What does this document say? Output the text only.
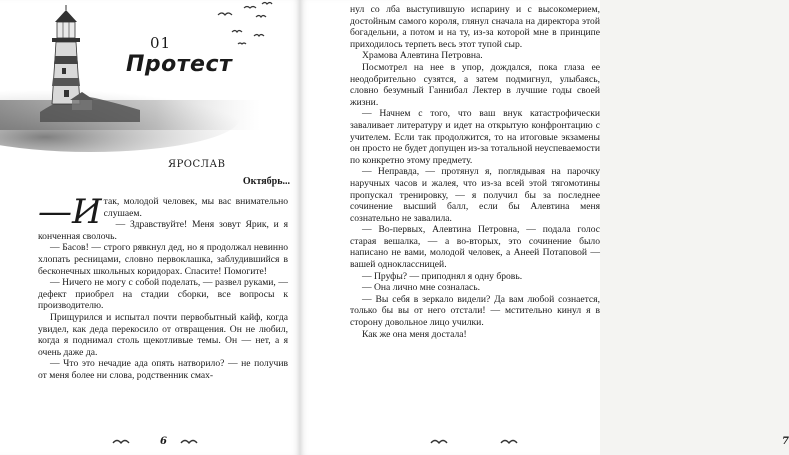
01
Протест
ЯРОСЛАВ
Октябрь...

—И так, молодой человек, мы вас внимательно слушаем.

— Здравствуйте! Меня зовут Ярик, и я конченная сволочь.

— Басов! — строго рявкнул дед, но я продолжал невинно хлопать ресницами, словно первоклашка, заблудившийся в бесконечных школьных коридорах. Спасите! Помогите!

— Ничего не могу с собой поделать, — развел руками, — дефект приобрел на стадии сборки, все вопросы к производителю.

Прищурился и испытал почти первобытный кайф, когда увидел, как деда перекосило от отвращения. Он не любил, когда я поднимал столь щекотливые темы. Он — нет, а я очень даже да.

— Что это нечадие ада опять натворило? — не получив от меня более ни слова, родственник смах-

6	7

нул со лба выступившую испарину и с высокомерием, достойным самого короля, глянул сначала на директора этой богадельни, а потом и на ту, из-за которой мне в принципе приходилось терпеть весь этот тупой сыр.

Храмова Алевтина Петровна.

Посмотрел на нее в упор, дождался, пока глаза ее неодобрительно сузятся, а затем подмигнул, улыбаясь, словно безумный Ганнибал Лектер в лучшие годы своей жизни.

— Начнем с того, что ваш внук катастрофически заваливает литературу и идет на открытую конфронтацию с учителем. Если так продолжится, то на итоговые экзамены он просто не будет допущен из-за тотальной неуспеваемости по конкретно этому предмету.

— Неправда, — протянул я, поглядывая на парочку наручных часов и жалея, что из-за всей этой тягомотины пропускал тренировку, — я получил бы за последнее сочинение высший балл, если бы Алевтина меня сознательно не завалила.

— Во-первых, Алевтина Петровна, — подала голос старая вешалка, — а во-вторых, это сочинение было написано не вами, молодой человек, а Анеей Потаповой — вашей одноклассницей.

— Пруфы? — приподнял я одну бровь.

— Она лично мне созналась.

— Вы себя в зеркало видели? Да вам любой сознается, только бы вы от него отстали! — мстительно кинул я в сторону довольное лицо училки.

Как же она меня достала!
